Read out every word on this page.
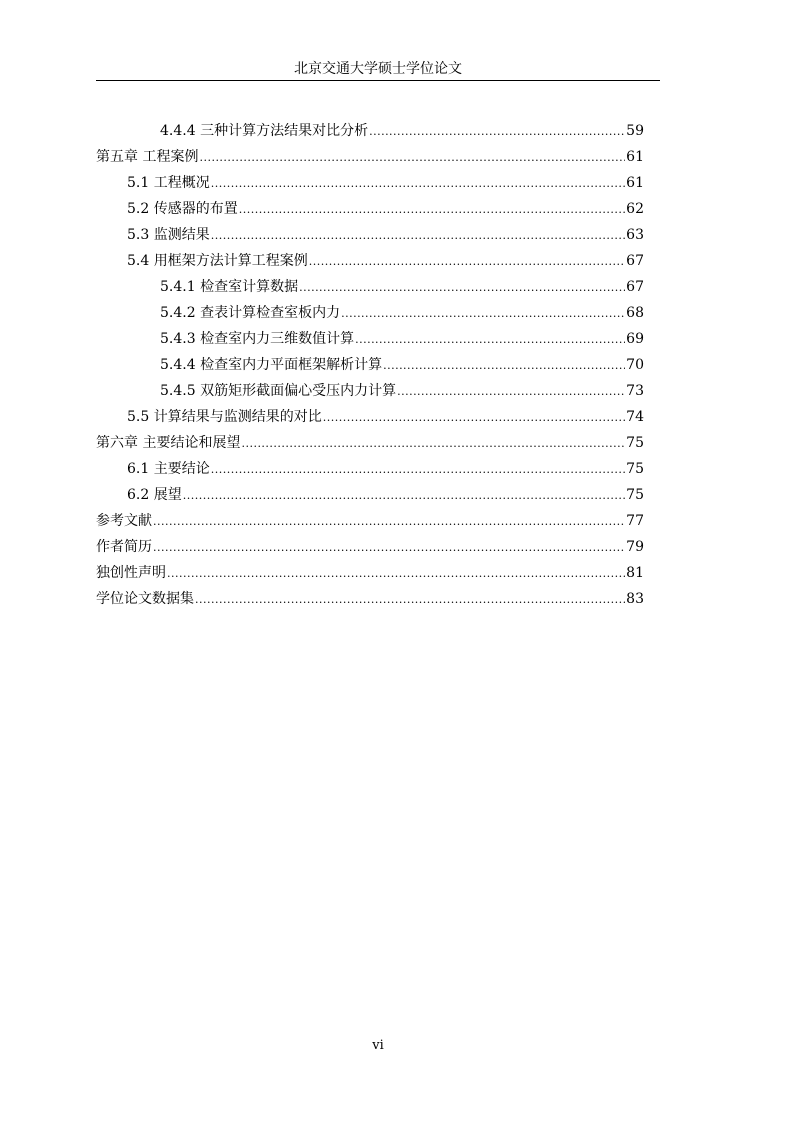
北京交通大学硕士学位论文
4.4.4 三种计算方法结果对比分析 .....	59
第五章 工程案例 .....	61
5.1 工程概况 .....	61
5.2 传感器的布置 .....	62
5.3 监测结果 .....	63
5.4 用框架方法计算工程案例 .....	67
5.4.1 检查室计算数据 .....	67
5.4.2 查表计算检查室板内力 .....	68
5.4.3 检查室内力三维数值计算 .....	69
5.4.4 检查室内力平面框架解析计算 .....	70
5.4.5 双筋矩形截面偏心受压内力计算 .....	73
5.5 计算结果与监测结果的对比 .....	74
第六章 主要结论和展望 .....	75
6.1 主要结论 .....	75
6.2 展望 .....	75
参考文献 .....	77
作者简历 .....	79
独创性声明 .....	81
学位论文数据集 .....	83
vi
